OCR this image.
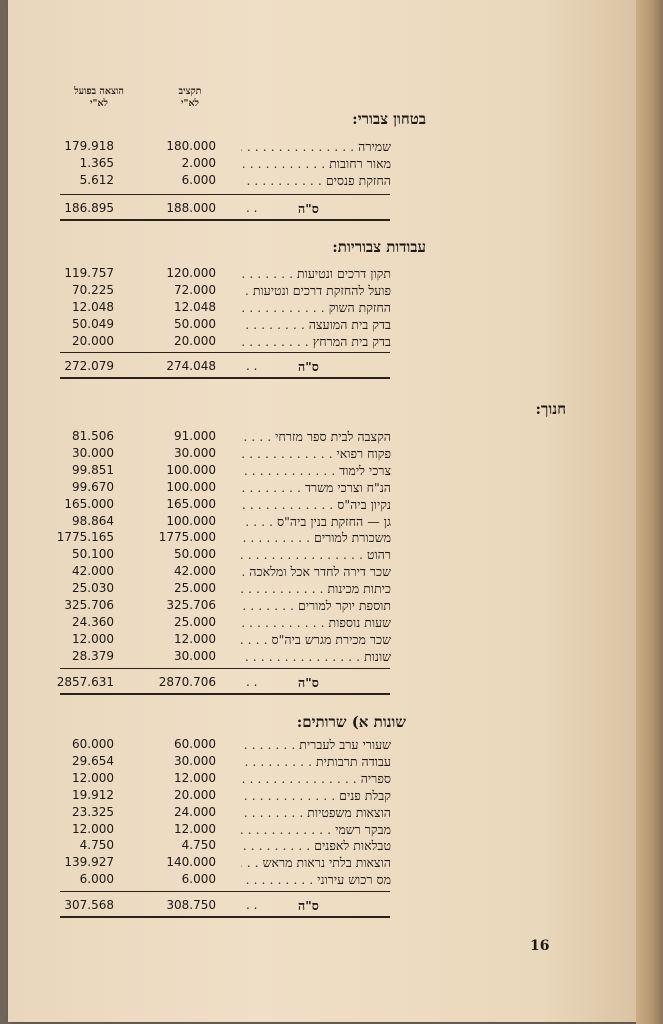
תקציב
לא"י
הוצאה בפועל
לא"י
בטחון צבורי:
שמירה . . .
180.000
179.918
מאור רחובות . . .
2.000
1.365
החזקת פנסים . . .
6.000
5.612
ס"ה
. .
188.000
186.895
עבודות צבוריות:
תקון דרכים ונטיעות . . .
120.000
119.757
פועל להחזקת דרכים ונטיעות . . .
72.000
70.225
החזקת השוק . . .
12.048
12.048
בדק בית המועצה . . .
50.000
50.049
בדק בית המרחץ . . .
20.000
20.000
ס"ה
. .
274.048
272.079
חנוך:
הקצבה לבית ספר מזרחי . . .
91.000
81.506
פקוח רפואי . . .
30.000
30.000
צרכי לימוד . . .
100.000
99.851
הנ"ח וצרכי משרד . . .
100.000
99.670
נקיון ביה"ס . . .
165.000
165.000
גן — החזקת בנין ביה"ס . . .
100.000
98.864
משכורת למורים . . .
1775.000
1775.165
רהוט . . .
50.000
50.100
שכר דירה לחדר אכל ומלאכה . . .
42.000
42.000
כיתות מכינות . . .
25.000
25.030
תוספת יוקר למורים . . .
325.706
325.706
שעות נוספות . . .
25.000
24.360
שכר מכירת מגרש ביה"ס . . .
12.000
12.000
שונות . . .
30.000
28.379
ס"ה
. .
2870.706
2857.631
שונות א) שרותים:
שעורי ערב לעברית . . .
60.000
60.000
עבודה תרבותית . . .
30.000
29.654
ספריה . . .
12.000
12.000
קבלת פנים . . .
20.000
19.912
הוצאות משפטיות . . .
24.000
23.325
מבקר רשמי . . .
12.000
12.000
טבלאות לאפנים . . .
4.750
4.750
הוצאות בלתי נראות מראש . . .
140.000
139.927
מס רכוש עירוני . . .
6.000
6.000
ס"ה
. .
308.750
307.568
16
